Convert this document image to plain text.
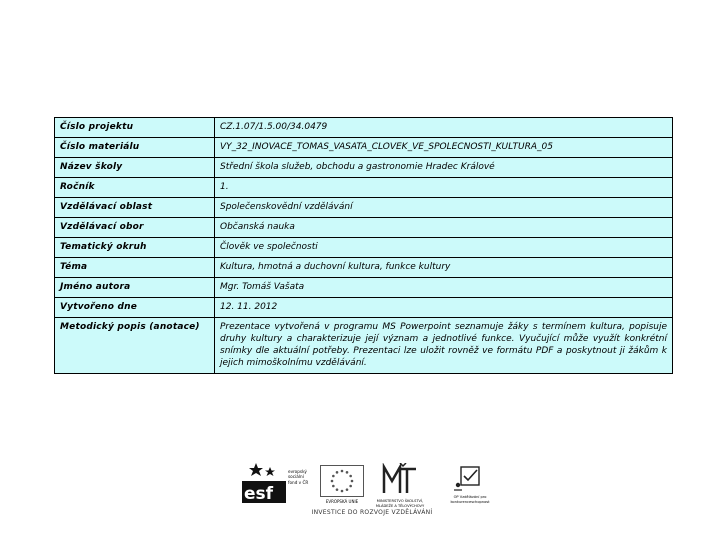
Číslo projektu	CZ.1.07/1.5.00/34.0479
Číslo materiálu	VY_32_INOVACE_TOMAS_VASATA_CLOVEK_VE_SPOLECNOSTI_KULTURA_05
Název školy	Střední škola služeb, obchodu a gastronomie Hradec Králové
Ročník	1.
Vzdělávací oblast	Společenskovědní vzdělávání
Vzdělávací obor	Občanská nauka
Tematický okruh	Člověk ve společnosti
Téma	Kultura, hmotná a duchovní kultura, funkce kultury
Jméno autora	Mgr. Tomáš Vašata
Vytvořeno dne	12. 11. 2012
Metodický popis (anotace)	Prezentace vytvořená v programu MS Powerpoint seznamuje žáky s termínem kultura, popisuje druhy kultury a charakterizuje její význam a jednotlivé funkce. Vyučující může využít konkrétní snímky dle aktuální potřeby. Prezentaci lze uložit rovněž ve formátu PDF a poskytnout ji žákům k jejich mimoškolnímu vzdělávání.
esf
evropský
sociální
fond v ČR
EVROPSKÁ UNIE	MINISTERSTVO ŠKOLSTVÍ, MLÁDEŽE A TĚLOVÝCHOVY
OP Vzdělávání pro konkurenceschopnost
INVESTICE DO ROZVOJE VZDĚLÁVÁNÍ
